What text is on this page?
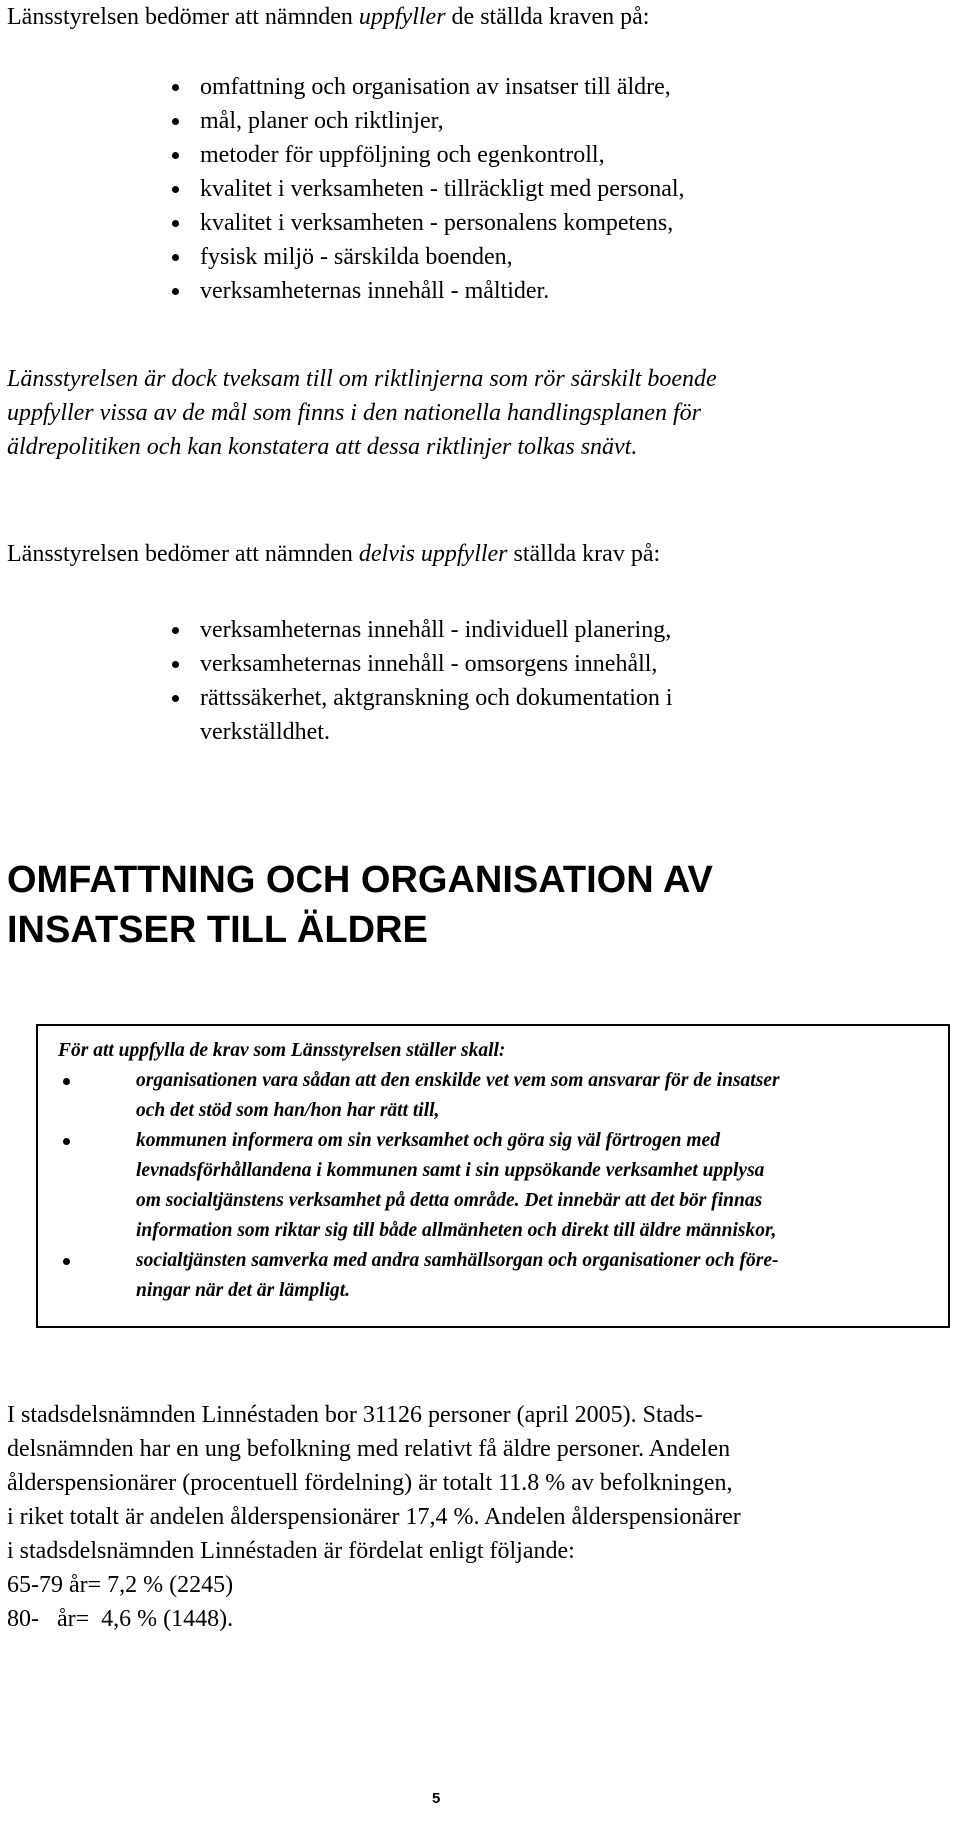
Länsstyrelsen bedömer att nämnden uppfyller de ställda kraven på:
omfattning och organisation av insatser till äldre,
mål, planer och riktlinjer,
metoder för uppföljning och egenkontroll,
kvalitet i verksamheten - tillräckligt med personal,
kvalitet i verksamheten - personalens kompetens,
fysisk miljö - särskilda boenden,
verksamheternas innehåll - måltider.
Länsstyrelsen är dock tveksam till om riktlinjerna som rör särskilt boende
uppfyller vissa av de mål som finns i den nationella handlingsplanen för
äldrepolitiken och kan konstatera att dessa riktlinjer tolkas snävt.
Länsstyrelsen bedömer att nämnden delvis uppfyller ställda krav på:
verksamheternas innehåll - individuell planering,
verksamheternas innehåll - omsorgens innehåll,
rättssäkerhet, aktgranskning och dokumentation i
verkställdhet.
OMFATTNING OCH ORGANISATION AV
INSATSER TILL ÄLDRE
För att uppfylla de krav som Länsstyrelsen ställer skall:
organisationen vara sådan att den enskilde vet vem som ansvarar för de insatser
och det stöd som han/hon har rätt till,
kommunen informera om sin verksamhet och göra sig väl förtrogen med
levnadsförhållandena i kommunen samt i sin uppsökande verksamhet upplysa
om socialtjänstens verksamhet på detta område. Det innebär att det bör finnas
information som riktar sig till både allmänheten och direkt till äldre människor,
socialtjänsten samverka med andra samhällsorgan och organisationer och före-
ningar när det är lämpligt.
I stadsdelsnämnden Linnéstaden bor 31126 personer (april 2005). Stads-
delsnämnden har en ung befolkning med relativt få äldre personer. Andelen
ålderspensionärer (procentuell fördelning) är totalt 11.8 % av befolkningen,
i riket totalt är andelen ålderspensionärer 17,4 %. Andelen ålderspensionärer
i stadsdelsnämnden Linnéstaden är fördelat enligt följande:
65-79 år= 7,2 % (2245)
80-   år=  4,6 % (1448).
5
